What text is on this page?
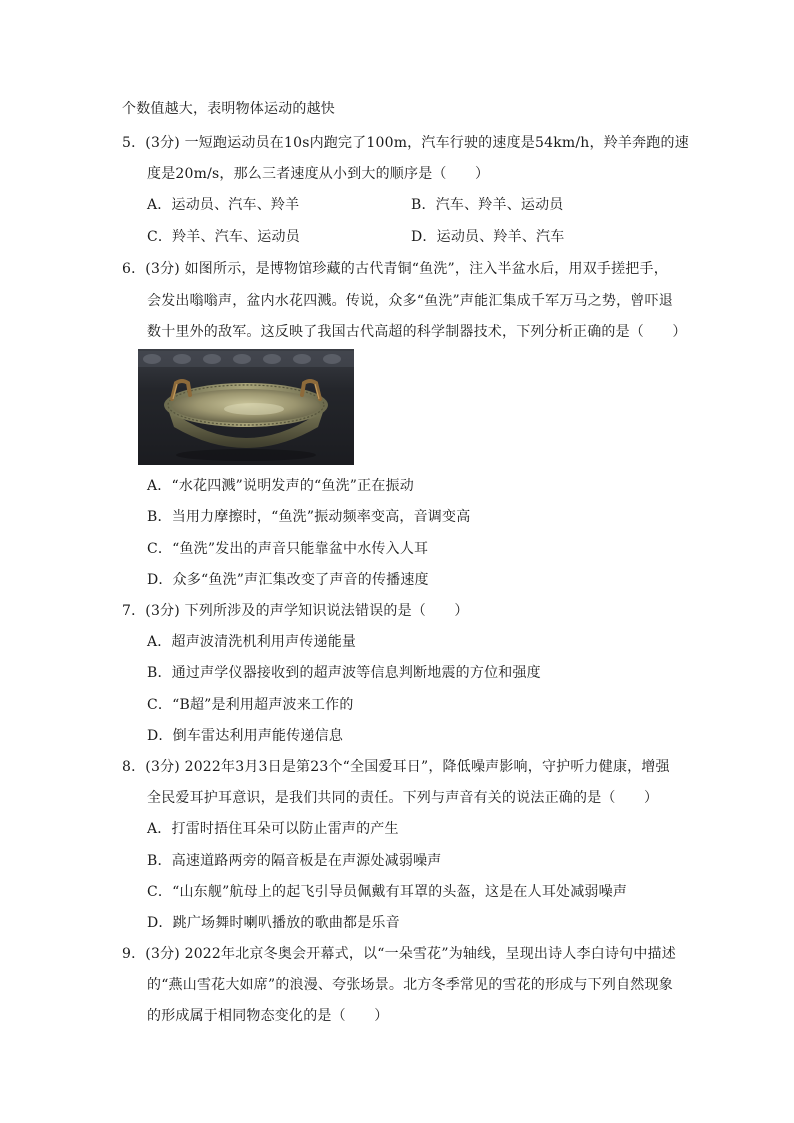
个数值越大，表明物体运动的越快
5．(3分) 一短跑运动员在10s内跑完了100m，汽车行驶的速度是54km/h，羚羊奔跑的速
度是20m/s，那么三者速度从小到大的顺序是（　　）
A．运动员、汽车、羚羊	B．汽车、羚羊、运动员
C．羚羊、汽车、运动员	D．运动员、羚羊、汽车
6．(3分) 如图所示，是博物馆珍藏的古代青铜“鱼洗”，注入半盆水后，用双手搓把手，
会发出嗡嗡声，盆内水花四溅。传说，众多“鱼洗”声能汇集成千军万马之势，曾吓退
数十里外的敌军。这反映了我国古代高超的科学制器技术，下列分析正确的是（　　）
A．“水花四溅”说明发声的“鱼洗”正在振动
B．当用力摩擦时，“鱼洗”振动频率变高，音调变高
C．“鱼洗”发出的声音只能靠盆中水传入人耳
D．众多“鱼洗”声汇集改变了声音的传播速度
7．(3分) 下列所涉及的声学知识说法错误的是（　　）
A．超声波清洗机利用声传递能量
B．通过声学仪器接收到的超声波等信息判断地震的方位和强度
C．“B超”是利用超声波来工作的
D．倒车雷达利用声能传递信息
8．(3分) 2022年3月3日是第23个“全国爱耳日”，降低噪声影响，守护听力健康，增强
全民爱耳护耳意识，是我们共同的责任。下列与声音有关的说法正确的是（　　）
A．打雷时捂住耳朵可以防止雷声的产生
B．高速道路两旁的隔音板是在声源处减弱噪声
C．“山东舰”航母上的起飞引导员佩戴有耳罩的头盔，这是在人耳处减弱噪声
D．跳广场舞时喇叭播放的歌曲都是乐音
9．(3分) 2022年北京冬奥会开幕式，以“一朵雪花”为轴线，呈现出诗人李白诗句中描述
的“燕山雪花大如席”的浪漫、夸张场景。北方冬季常见的雪花的形成与下列自然现象
的形成属于相同物态变化的是（　　）
